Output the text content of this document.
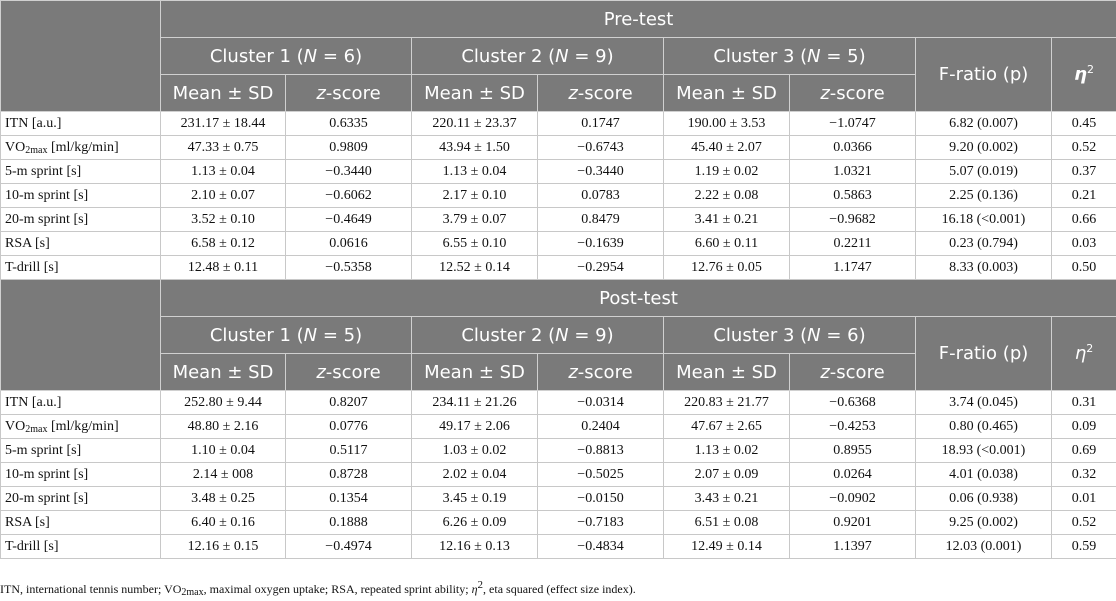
	Pre-test							
	Cluster 1 (N = 6)		Cluster 2 (N = 9)		Cluster 3 (N = 5)		F-ratio (p)	$\eta^2$
	Mean ± SD	z-score	Mean ± SD	z-score	Mean ± SD	z-score		
ITN [a.u.]	231.17 ± 18.44	0.6335	220.11 ± 23.37	0.1747	190.00 ± 3.53	−1.0747	6.82 (0.007)	0.45
$VO_{2max}$ [ml/kg/min]	47.33 ± 0.75	0.9809	43.94 ± 1.50	−0.6743	45.40 ± 2.07	0.0366	9.20 (0.002)	0.52
5-m sprint [s]	1.13 ± 0.04	−0.3440	1.13 ± 0.04	−0.3440	1.19 ± 0.02	1.0321	5.07 (0.019)	0.37
10-m sprint [s]	2.10 ± 0.07	−0.6062	2.17 ± 0.10	0.0783	2.22 ± 0.08	0.5863	2.25 (0.136)	0.21
20-m sprint [s]	3.52 ± 0.10	−0.4649	3.79 ± 0.07	0.8479	3.41 ± 0.21	−0.9682	16.18 (<0.001)	0.66
RSA [s]	6.58 ± 0.12	0.0616	6.55 ± 0.10	−0.1639	6.60 ± 0.11	0.2211	0.23 (0.794)	0.03
T-drill [s]	12.48 ± 0.11	−0.5358	12.52 ± 0.14	−0.2954	12.76 ± 0.05	1.1747	8.33 (0.003)	0.50
	Post-test							
	Cluster 1 (N = 5)		Cluster 2 (N = 9)		Cluster 3 (N = 6)		F-ratio (p)	$\eta^2$
	Mean ± SD	z-score	Mean ± SD	z-score	Mean ± SD	z-score		
ITN [a.u.]	252.80 ± 9.44	0.8207	234.11 ± 21.26	−0.0314	220.83 ± 21.77	−0.6368	3.74 (0.045)	0.31
$VO_{2max}$ [ml/kg/min]	48.80 ± 2.16	0.0776	49.17 ± 2.06	0.2404	47.67 ± 2.65	−0.4253	0.80 (0.465)	0.09
5-m sprint [s]	1.10 ± 0.04	0.5117	1.03 ± 0.02	−0.8813	1.13 ± 0.02	0.8955	18.93 (<0.001)	0.69
10-m sprint [s]	2.14 ± 008	0.8728	2.02 ± 0.04	−0.5025	2.07 ± 0.09	0.0264	4.01 (0.038)	0.32
20-m sprint [s]	3.48 ± 0.25	0.1354	3.45 ± 0.19	−0.0150	3.43 ± 0.21	−0.0902	0.06 (0.938)	0.01
RSA [s]	6.40 ± 0.16	0.1888	6.26 ± 0.09	−0.7183	6.51 ± 0.08	0.9201	9.25 (0.002)	0.52
T-drill [s]	12.16 ± 0.15	−0.4974	12.16 ± 0.13	−0.4834	12.49 ± 0.14	1.1397	12.03 (0.001)	0.59
ITN, international tennis number; $VO_{2max}$, maximal oxygen uptake; RSA, repeated sprint ability; $\eta^2$, eta squared (effect size index).
